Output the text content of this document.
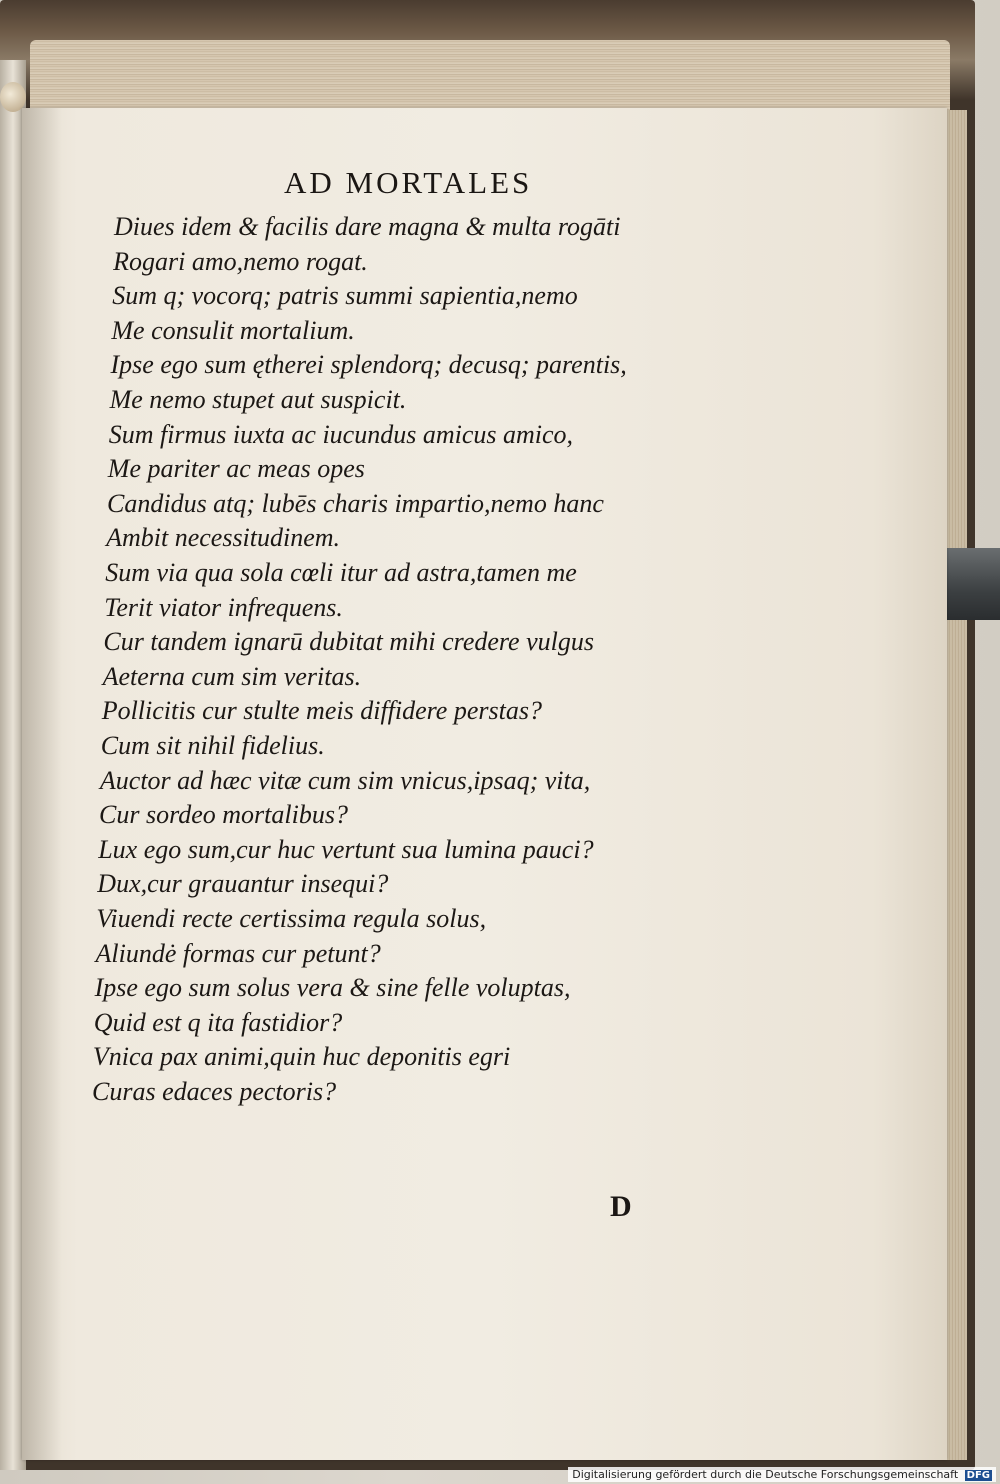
AD MORTALES
Diues idem & facilis dare magna & multa rogāti
Rogari amo,nemo rogat.
Sum q; vocorq; patris summi sapientia,nemo
Me consulit mortalium.
Ipse ego sum ętherei splendorq; decusq; parentis,
Me nemo stupet aut suspicit.
Sum firmus iuxta ac iucundus amicus amico,
Me pariter ac meas opes
Candidus atq; lubēs charis impartio,nemo hanc
Ambit necessitudinem.
Sum via qua sola cœli itur ad astra,tamen me
Terit viator infrequens.
Cur tandem ignarū dubitat mihi credere vulgus
Aeterna cum sim veritas.
Pollicitis cur stulte meis diffidere perstas?
Cum sit nihil fidelius.
Auctor ad hæc vitæ cum sim vnicus,ipsaq; vita,
Cur sordeo mortalibus?
Lux ego sum,cur huc vertunt sua lumina pauci?
Dux,cur grauantur insequi?
Viuendi recte certissima regula solus,
Aliundė formas cur petunt?
Ipse ego sum solus vera & sine felle voluptas,
Quid est q ita fastidior?
Vnica pax animi,quin huc deponitis egri
Curas edaces pectoris?
D
Digitalisierung gefördert durch die Deutsche Forschungsgemeinschaft DFG
